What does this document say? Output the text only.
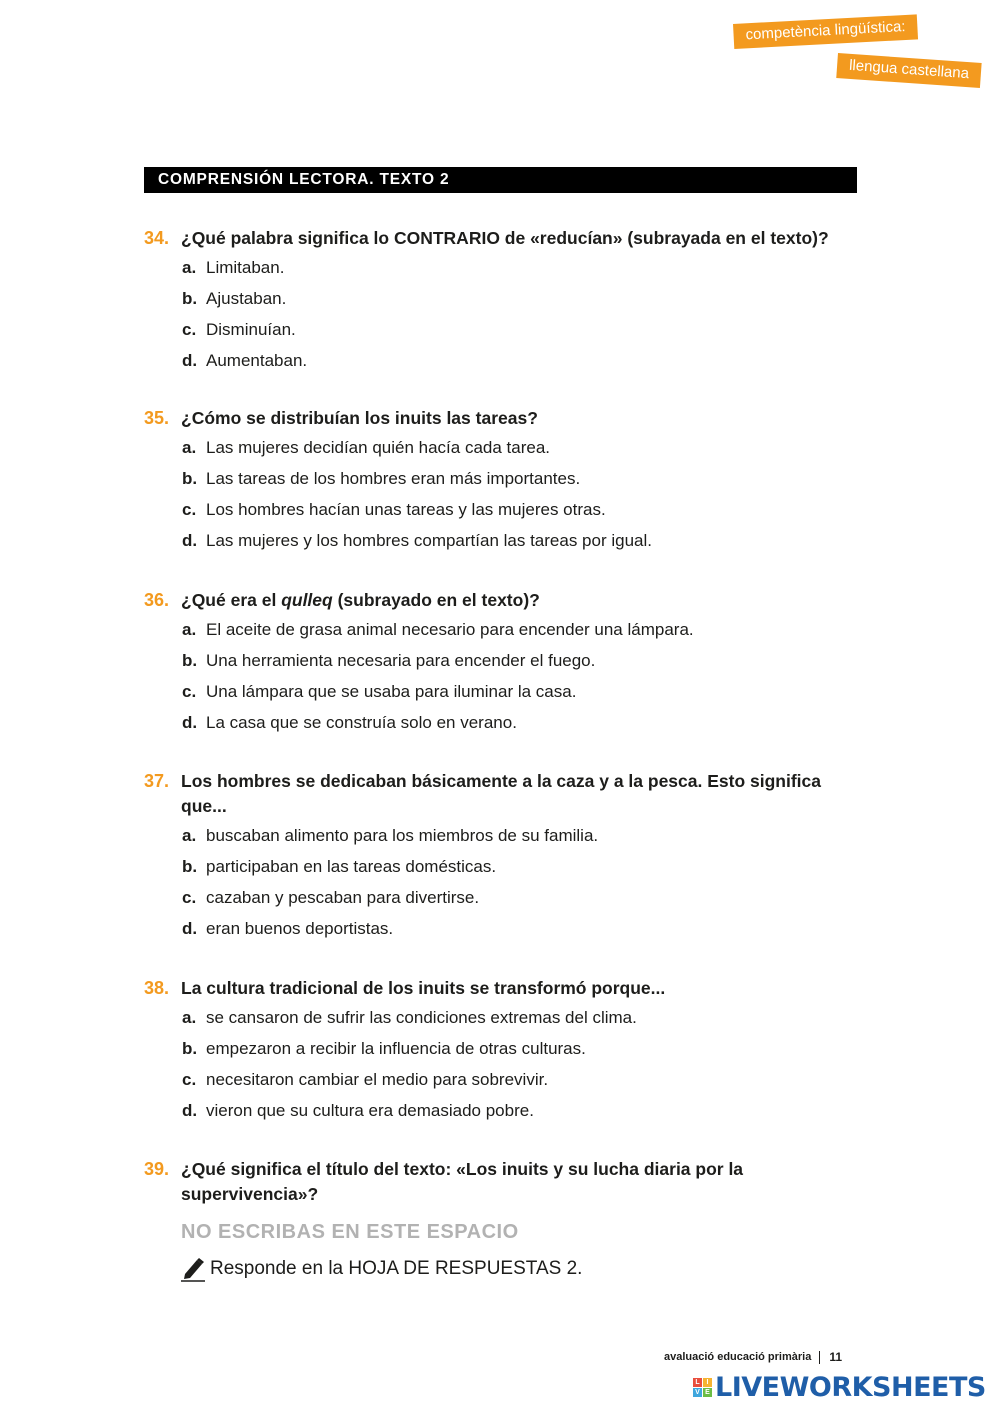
competència lingüística:
llengua castellana
COMPRENSIÓN LECTORA. TEXTO 2
34. ¿Qué palabra significa lo CONTRARIO de «reducían» (subrayada en el texto)?
a. Limitaban.
b. Ajustaban.
c. Disminuían.
d. Aumentaban.
35. ¿Cómo se distribuían los inuits las tareas?
a. Las mujeres decidían quién hacía cada tarea.
b. Las tareas de los hombres eran más importantes.
c. Los hombres hacían unas tareas y las mujeres otras.
d. Las mujeres y los hombres compartían las tareas por igual.
36. ¿Qué era el qulleq (subrayado en el texto)?
a. El aceite de grasa animal necesario para encender una lámpara.
b. Una herramienta necesaria para encender el fuego.
c. Una lámpara que se usaba para iluminar la casa.
d. La casa que se construía solo en verano.
37. Los hombres se dedicaban básicamente a la caza y a la pesca. Esto significa que...
a. buscaban alimento para los miembros de su familia.
b. participaban en las tareas domésticas.
c. cazaban y pescaban para divertirse.
d. eran buenos deportistas.
38. La cultura tradicional de los inuits se transformó porque...
a. se cansaron de sufrir las condiciones extremas del clima.
b. empezaron a recibir la influencia de otras culturas.
c. necesitaron cambiar el medio para sobrevivir.
d. vieron que su cultura era demasiado pobre.
39. ¿Qué significa el título del texto: «Los inuits y su lucha diaria por la supervivencia»?
NO ESCRIBAS EN ESTE ESPACIO
Responde en la HOJA DE RESPUESTAS 2.
avaluació educació primària 11
L I
V E LIVEWORKSHEETS
